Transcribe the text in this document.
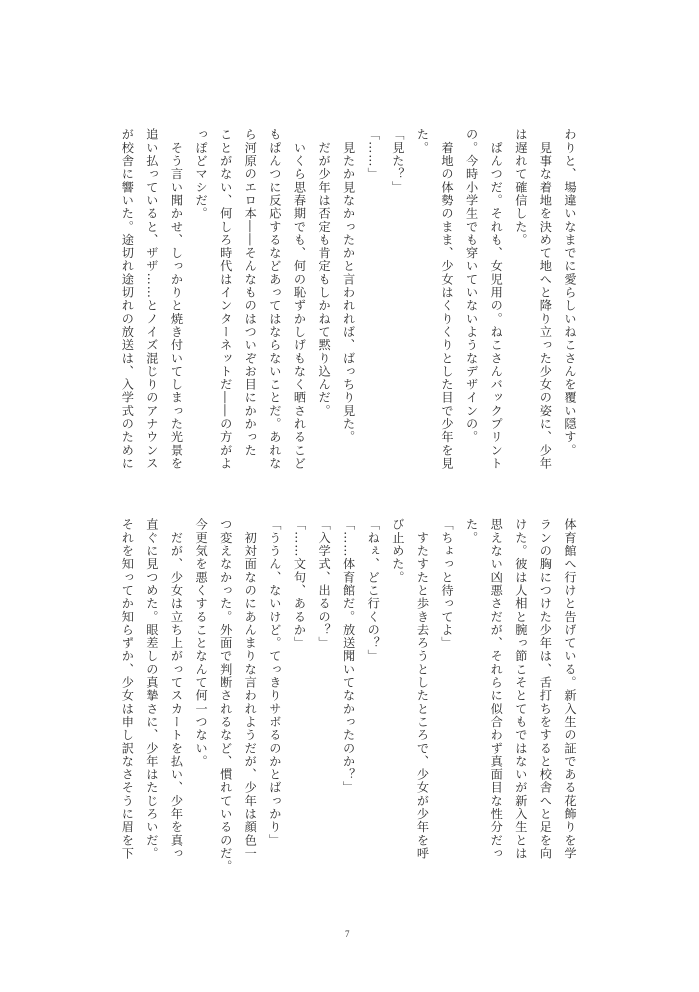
わりと、場違いなまでに愛らしいねこさんを覆い隠す。
　見事な着地を決めて地へと降り立った少女の姿に、少年
は遅れて確信した。
　ぱんつだ。それも、女児用の。ねこさんバックプリント
の。今時小学生でも穿いていないようなデザインの。
　着地の体勢のまま、少女はくりくりとした目で少年を見
た。
「見た？」
「……」
　見たか見なかったかと言われれば、ばっちり見た。
　だが少年は否定も肯定もしかねて黙り込んだ。
　いくら思春期でも、何の恥ずかしげもなく晒されるこど
もぱんつに反応するなどあってはならないことだ。あれな
ら河原のエロ本――そんなものはついぞお目にかかった
ことがない、何しろ時代はインターネットだ――の方がよ
っぽどマシだ。
　そう言い聞かせ、しっかりと焼き付いてしまった光景を
追い払っていると、ザザ……とノイズ混じりのアナウンス
が校舎に響いた。途切れ途切れの放送は、入学式のために
体育館へ行けと告げている。新入生の証である花飾りを学
ランの胸につけた少年は、舌打ちをすると校舎へと足を向
けた。彼は人相と腕っ節こそとてもではないが新入生とは
思えない凶悪さだが、それらに似合わず真面目な性分だっ
た。
「ちょっと待ってよ」
　すたすたと歩き去ろうとしたところで、少女が少年を呼
び止めた。
「ねぇ、どこ行くの？」
「……体育館だ。放送聞いてなかったのか？」
「入学式、出るの？」
「……文句、あるか」
「ううん、ないけど。てっきりサボるのかとばっかり」
　初対面なのにあんまりな言われようだが、少年は顔色一
つ変えなかった。外面で判断されるなど、慣れているのだ。
今更気を悪くすることなんて何一つない。
　だが、少女は立ち上がってスカートを払い、少年を真っ
直ぐに見つめた。眼差しの真摯さに、少年はたじろいだ。
それを知ってか知らずか、少女は申し訳なさそうに眉を下
7
